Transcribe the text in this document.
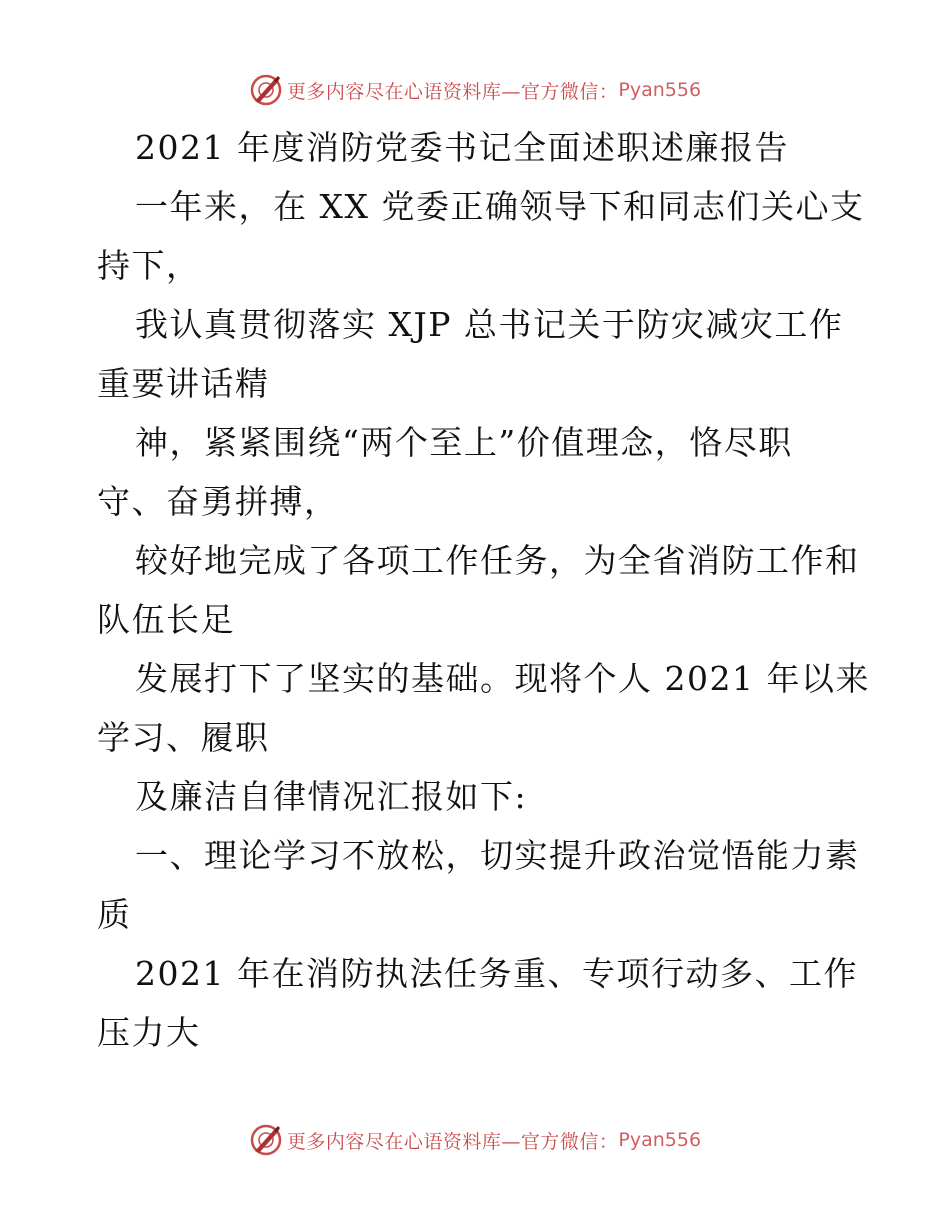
更多内容尽在心语资料库—官方微信： Pyan556
2021 年度消防党委书记全面述职述廉报告
一年来，在 XX 党委正确领导下和同志们关心支
持下，
我认真贯彻落实 XJP 总书记关于防灾减灾工作
重要讲话精
神，紧紧围绕“两个至上”价值理念，恪尽职
守、奋勇拼搏，
较好地完成了各项工作任务，为全省消防工作和
队伍长足
发展打下了坚实的基础。现将个人 2021 年以来
学习、履职
及廉洁自律情况汇报如下:
一、理论学习不放松，切实提升政治觉悟能力素
质
2021 年在消防执法任务重、专项行动多、工作
压力大
更多内容尽在心语资料库—官方微信： Pyan556
